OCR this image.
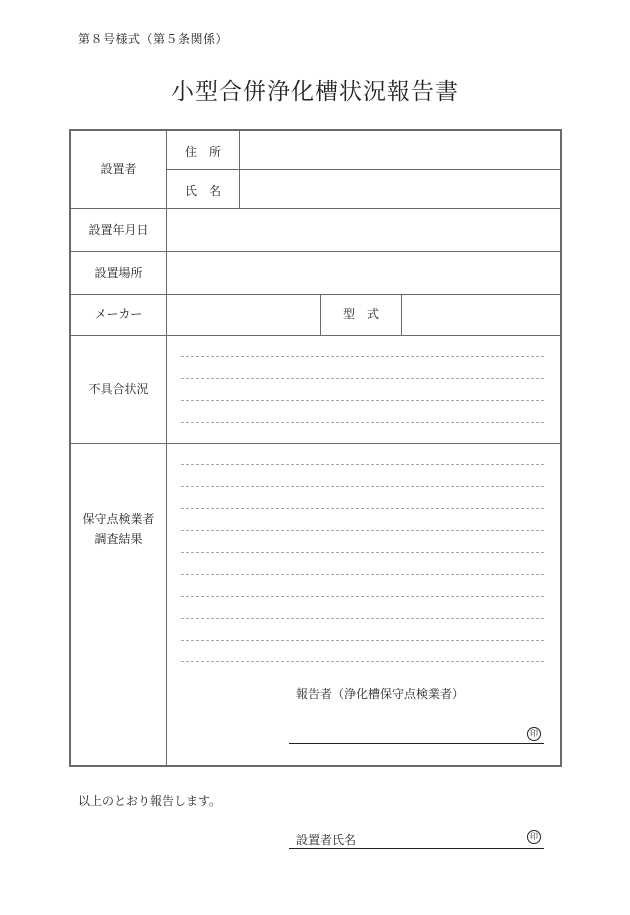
第８号様式（第５条関係）
小型合併浄化槽状況報告書
設置者
住　所
氏　名
設置年月日
設置場所
メーカー	型　式
不具合状況
保守点検業者
調査結果
報告者（浄化槽保守点検業者）
印
以上のとおり報告します。
設置者氏名	印
